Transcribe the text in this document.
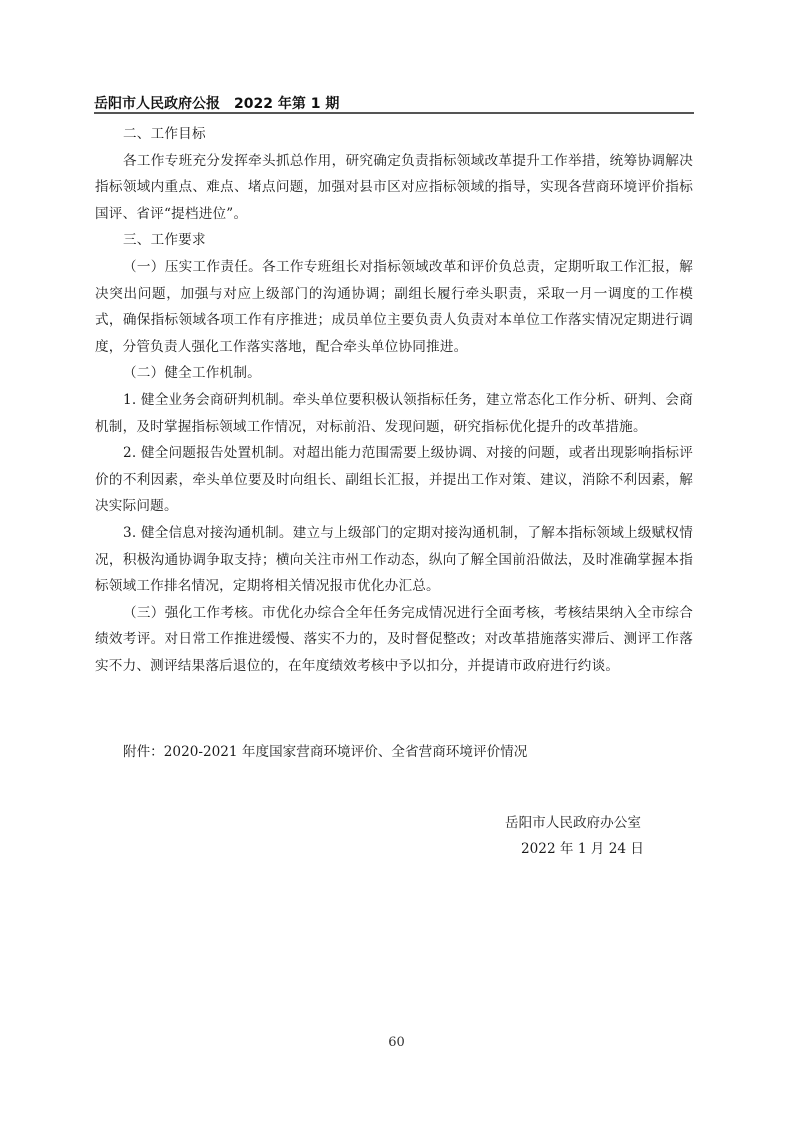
岳阳市人民政府公报 2022 年第 1 期

二、工作目标

各工作专班充分发挥牵头抓总作用，研究确定负责指标领域改革提升工作举措，统筹协调解决指标领域内重点、难点、堵点问题，加强对县市区对应指标领域的指导，实现各营商环境评价指标国评、省评“提档进位”。

三、工作要求

（一）压实工作责任。各工作专班组长对指标领域改革和评价负总责，定期听取工作汇报，解决突出问题，加强与对应上级部门的沟通协调；副组长履行牵头职责，采取一月一调度的工作模式，确保指标领域各项工作有序推进；成员单位主要负责人负责对本单位工作落实情况定期进行调度，分管负责人强化工作落实落地，配合牵头单位协同推进。

（二）健全工作机制。

1. 健全业务会商研判机制。牵头单位要积极认领指标任务，建立常态化工作分析、研判、会商机制，及时掌握指标领域工作情况，对标前沿、发现问题，研究指标优化提升的改革措施。

2. 健全问题报告处置机制。对超出能力范围需要上级协调、对接的问题，或者出现影响指标评价的不利因素，牵头单位要及时向组长、副组长汇报，并提出工作对策、建议，消除不利因素，解决实际问题。

3. 健全信息对接沟通机制。建立与上级部门的定期对接沟通机制，了解本指标领域上级赋权情况，积极沟通协调争取支持；横向关注市州工作动态，纵向了解全国前沿做法，及时准确掌握本指标领域工作排名情况，定期将相关情况报市优化办汇总。

（三）强化工作考核。市优化办综合全年任务完成情况进行全面考核，考核结果纳入全市综合绩效考评。对日常工作推进缓慢、落实不力的，及时督促整改；对改革措施落实滞后、测评工作落实不力、测评结果落后退位的，在年度绩效考核中予以扣分，并提请市政府进行约谈。

附件：2020-2021 年度国家营商环境评价、全省营商环境评价情况
岳阳市人民政府办公室
2022 年 1 月 24 日
60
